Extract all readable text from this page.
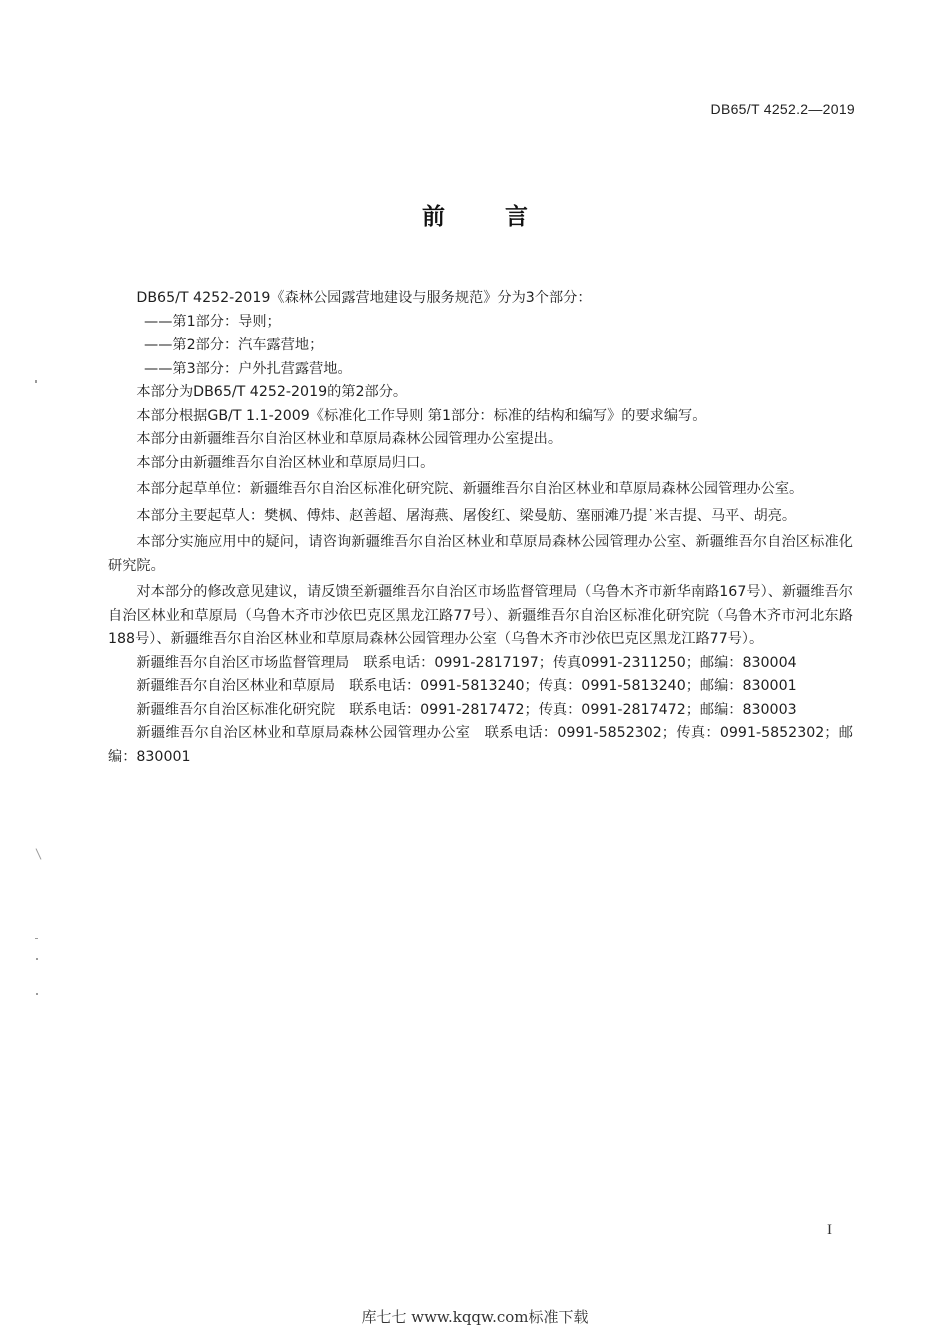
DB65/T 4252.2—2019
前 言

DB65/T 4252-2019《森林公园露营地建设与服务规范》分为3个部分：

——第1部分：导则；

——第2部分：汽车露营地；

——第3部分：户外扎营露营地。

本部分为DB65/T 4252-2019的第2部分。

本部分根据GB/T 1.1-2009《标准化工作导则 第1部分：标准的结构和编写》的要求编写。

本部分由新疆维吾尔自治区林业和草原局森林公园管理办公室提出。

本部分由新疆维吾尔自治区林业和草原局归口。

本部分起草单位：新疆维吾尔自治区标准化研究院、新疆维吾尔自治区林业和草原局森林公园管理办公室。

本部分主要起草人：樊枫、傅炜、赵善超、屠海燕、屠俊红、梁曼舫、塞丽滩乃提˙米吉提、马平、胡亮。

本部分实施应用中的疑问，请咨询新疆维吾尔自治区林业和草原局森林公园管理办公室、新疆维吾尔自治区标准化研究院。

对本部分的修改意见建议，请反馈至新疆维吾尔自治区市场监督管理局（乌鲁木齐市新华南路167号）、新疆维吾尔自治区林业和草原局（乌鲁木齐市沙依巴克区黑龙江路77号）、新疆维吾尔自治区标准化研究院（乌鲁木齐市河北东路188号）、新疆维吾尔自治区林业和草原局森林公园管理办公室（乌鲁木齐市沙依巴克区黑龙江路77号）。

新疆维吾尔自治区市场监督管理局　联系电话：0991-2817197；传真0991-2311250；邮编：830004

新疆维吾尔自治区林业和草原局　联系电话：0991-5813240；传真：0991-5813240；邮编：830001

新疆维吾尔自治区标准化研究院　联系电话：0991-2817472；传真：0991-2817472；邮编：830003

新疆维吾尔自治区林业和草原局森林公园管理办公室　联系电话：0991-5852302；传真：0991-5852302；邮编：830001

I
库七七 www.kqqw.com标准下载
